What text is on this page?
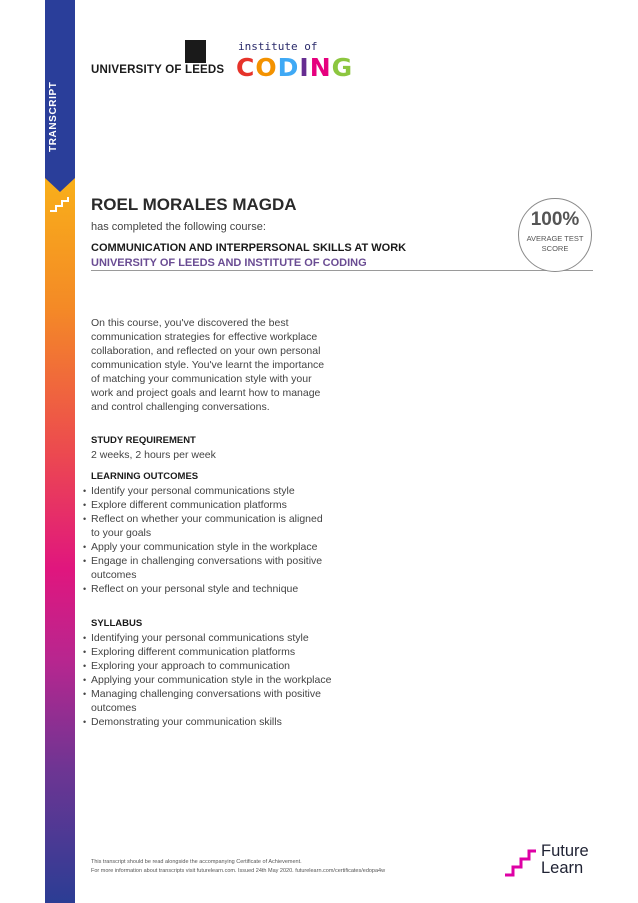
TRANSCRIPT
UNIVERSITY OF LEEDS
institute of
CODING
ROEL MORALES MAGDA
has completed the following course:
COMMUNICATION AND INTERPERSONAL SKILLS AT WORK
UNIVERSITY OF LEEDS AND INSTITUTE OF CODING
100%
AVERAGE TEST
SCORE
On this course, you've discovered the best communication strategies for effective workplace collaboration, and reflected on your own personal communication style. You've learnt the importance of matching your communication style with your work and project goals and learnt how to manage and control challenging conversations.
STUDY REQUIREMENT
2 weeks, 2 hours per week
LEARNING OUTCOMES
• Identify your personal communications style
• Explore different communication platforms
• Reflect on whether your communication is aligned to your goals
• Apply your communication style in the workplace
• Engage in challenging conversations with positive outcomes
• Reflect on your personal style and technique
SYLLABUS
• Identifying your personal communications style
• Exploring different communication platforms
• Exploring your approach to communication
• Applying your communication style in the workplace
• Managing challenging conversations with positive outcomes
• Demonstrating your communication skills
This transcript should be read alongside the accompanying Certificate of Achievement.
For more information about transcripts visit futurelearn.com. Issued 24th May 2020. futurelearn.com/certificates/edopa4w
Future
Learn
